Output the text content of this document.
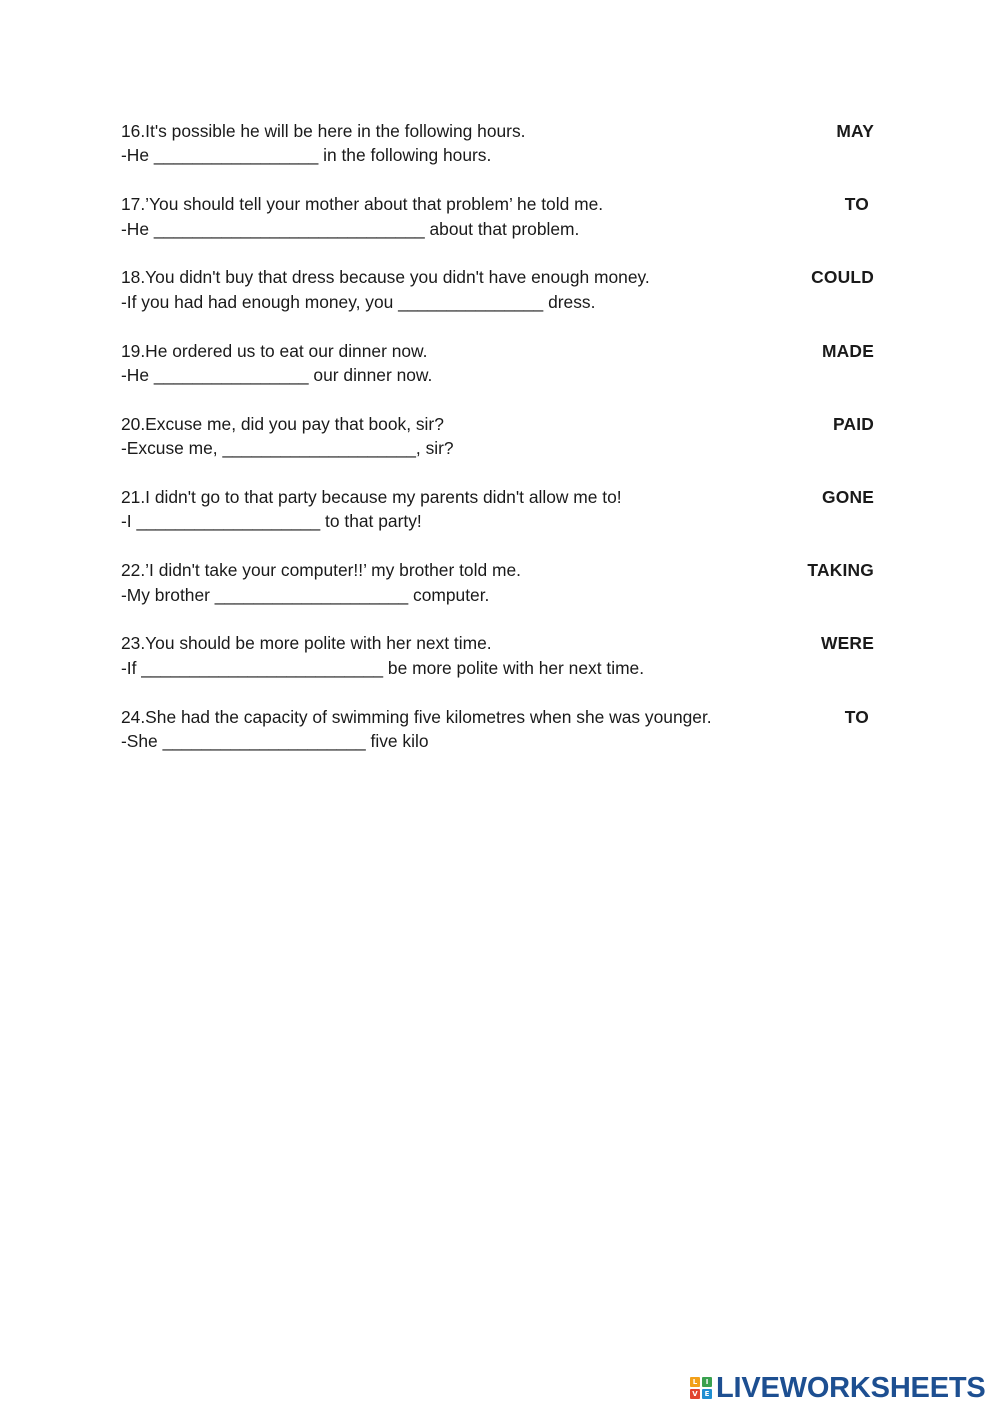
16.It's possible he will be here in the following hours.

-He _________________ in the following hours.

MAY

17.’You should tell your mother about that problem’ he told me.

-He ____________________________ about that problem.

TO

18.You didn't buy that dress because you didn't have enough money.

-If you had had enough money, you _______________ dress.

COULD

19.He ordered us to eat our dinner now.

-He ________________ our dinner now.

MADE

20.Excuse me, did you pay that book, sir?

-Excuse me, ____________________, sir?

PAID

21.I didn't go to that party because my parents didn't allow me to!

-I ___________________ to that party!

GONE

22.’I didn't take your computer!!’ my brother told me.

-My brother ____________________ computer.

TAKING

23.You should be more polite with her next time.

-If _________________________ be more polite with her next time.

WERE

24.She had the capacity of swimming five kilometres when she was younger.

-She _____________________ five kilo

TO
L	I
V E LIVEWORKSHEETS
